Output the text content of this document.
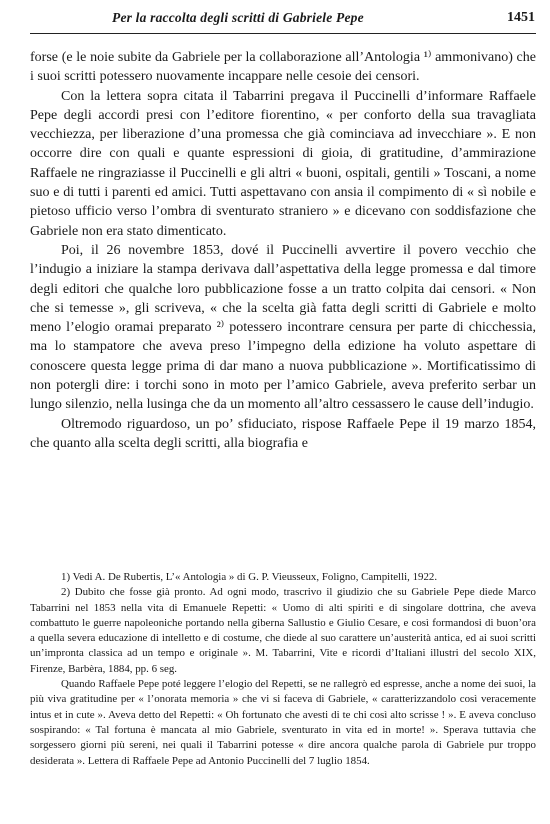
Per la raccolta degli scritti di Gabriele Pepe	1451

forse (e le noie subite da Gabriele per la collaborazione all’Antologia ¹⁾ ammonivano) che i suoi scritti potessero nuovamente incappare nelle cesoie dei censori.

Con la lettera sopra citata il Tabarrini pregava il Puccinelli d’informare Raffaele Pepe degli accordi presi con l’editore fiorentino, « per conforto della sua travagliata vecchiezza, per liberazione d’una promessa che già cominciava ad invecchiare ». E non occorre dire con quali e quante espressioni di gioia, di gratitudine, d’ammirazione Raffaele ne ringraziasse il Puccinelli e gli altri « buoni, ospitali, gentili » Toscani, a nome suo e di tutti i parenti ed amici. Tutti aspettavano con ansia il compimento di « sì nobile e pietoso ufficio verso l’ombra di sventurato straniero » e dicevano con soddisfazione che Gabriele non era stato dimenticato.

Poi, il 26 novembre 1853, dové il Puccinelli avvertire il povero vecchio che l’indugio a iniziare la stampa derivava dall’aspettativa della legge promessa e dal timore degli editori che qualche loro pubblicazione fosse a un tratto colpita dai censori. « Non che si temesse », gli scriveva, « che la scelta già fatta degli scritti di Gabriele e molto meno l’elogio oramai preparato ²⁾ potessero incontrare censura per parte di chicchessia, ma lo stampatore che aveva preso l’impegno della edizione ha voluto aspettare di conoscere questa legge prima di dar mano a nuova pubblicazione ». Mortificatissimo di non potergli dire: i torchi sono in moto per l’amico Gabriele, aveva preferito serbar un lungo silenzio, nella lusinga che da un momento all’altro cessassero le cause dell’indugio.

Oltremodo riguardoso, un po’ sfiduciato, rispose Raffaele Pepe il 19 marzo 1854, che quanto alla scelta degli scritti, alla biografia e

1) Vedi A. De Rubertis, L’« Antologia » di G. P. Vieusseux, Foligno, Campitelli, 1922.

2) Dubito che fosse già pronto. Ad ogni modo, trascrivo il giudizio che su Gabriele Pepe diede Marco Tabarrini nel 1853 nella vita di Emanuele Repetti: « Uomo di alti spiriti e di singolare dottrina, che aveva combattuto le guerre napoleoniche portando nella giberna Sallustio e Giulio Cesare, e così formandosi di buon’ora a quella severa educazione di intelletto e di costume, che diede al suo carattere un’austerità antica, ed ai suoi scritti un’impronta classica ad un tempo e originale ». M. Tabarrini, Vite e ricordi d’Italiani illustri del secolo XIX, Firenze, Barbèra, 1884, pp. 6 seg.

Quando Raffaele Pepe poté leggere l’elogio del Repetti, se ne rallegrò ed espresse, anche a nome dei suoi, la più viva gratitudine per « l’onorata memoria » che vi si faceva di Gabriele, « caratterizzandolo così veracemente intus et in cute ». Aveva detto del Repetti: « Oh fortunato che avesti di te chi così alto scrisse ! ». E aveva concluso sospirando: « Tal fortuna è mancata al mio Gabriele, sventurato in vita ed in morte! ». Sperava tuttavia che sorgessero giorni più sereni, nei quali il Tabarrini potesse « dire ancora qualche parola di Gabriele pur troppo desiderata ». Lettera di Raffaele Pepe ad Antonio Puccinelli del 7 luglio 1854.
